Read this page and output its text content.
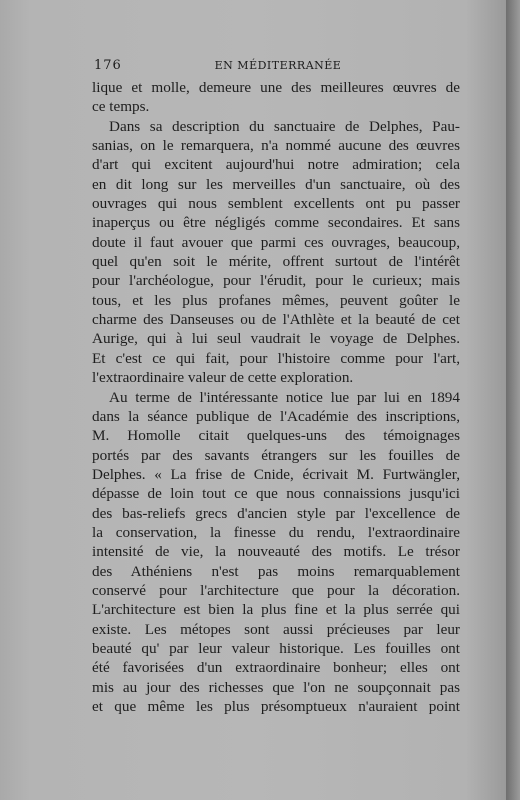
176	EN MÉDITERRANÉE
lique et molle, demeure une des meilleures œuvres de
ce temps.
Dans sa description du sanctuaire de Delphes, Pau-
sanias, on le remarquera, n'a nommé aucune des œuvres
d'art qui excitent aujourd'hui notre admiration; cela
en dit long sur les merveilles d'un sanctuaire, où des
ouvrages qui nous semblent excellents ont pu passer
inaperçus ou être négligés comme secondaires. Et sans
doute il faut avouer que parmi ces ouvrages, beaucoup,
quel qu'en soit le mérite, offrent surtout de l'intérêt
pour l'archéologue, pour l'érudit, pour le curieux; mais
tous, et les plus profanes mêmes, peuvent goûter le
charme des Danseuses ou de l'Athlète et la beauté de cet
Aurige, qui à lui seul vaudrait le voyage de Delphes.
Et c'est ce qui fait, pour l'histoire comme pour l'art,
l'extraordinaire valeur de cette exploration.
Au terme de l'intéressante notice lue par lui en 1894
dans la séance publique de l'Académie des inscriptions,
M. Homolle citait quelques-uns des témoignages
portés par des savants étrangers sur les fouilles de
Delphes. « La frise de Cnide, écrivait M. Furtwängler,
dépasse de loin tout ce que nous connaissions jusqu'ici
des bas-reliefs grecs d'ancien style par l'excellence de
la conservation, la finesse du rendu, l'extraordinaire
intensité de vie, la nouveauté des motifs. Le trésor
des Athéniens n'est pas moins remarquablement
conservé pour l'architecture que pour la décoration.
L'architecture est bien la plus fine et la plus serrée qui
existe. Les métopes sont aussi précieuses par leur
beauté qu' par leur valeur historique. Les fouilles ont
été favorisées d'un extraordinaire bonheur; elles ont
mis au jour des richesses que l'on ne soupçonnait pas
et que même les plus présomptueux n'auraient point
